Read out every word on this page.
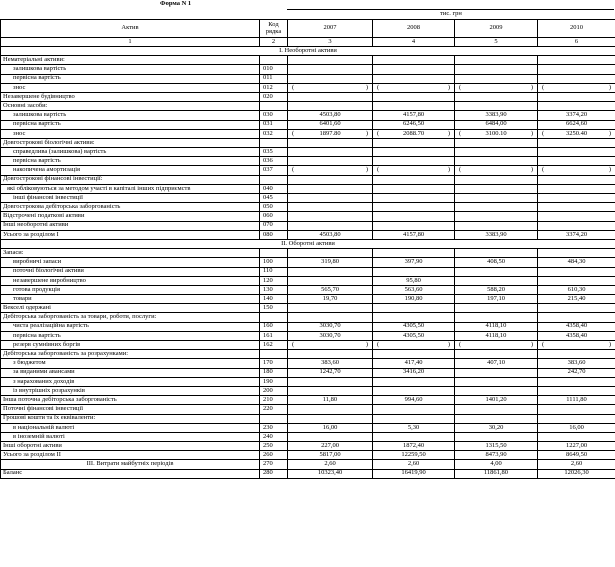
Форма N 1
тис. грн
Актив	Код рядка	2007	2008	2009	2010
1	2	3	4	5	6
I. Необоротні активи					
Нематеріальні активи:					
залишкова вартість	010				
первісна вартість	011				
знос	012	( )	( )	( )	( )

Незавершене будівництво	020				
Основні засоби:					
залишкова вартість	030	4503,80	4157,80	3383,90	3374,20
первісна вартість	031	6401,60	6246,50	6484,00	6624,60
знос	032	( 1897.80 )	( 2088.70 )	( 3100.10 )	( 3250.40 )

Довгострокові біологічні активи:					
справедлива (залишкова) вартість	035				
первісна вартість	036				
накопичена амортизація	037	( )	( )	( )	( )

Довгострокові фінансові інвестиції:					
які обліковуються за методом участі в капіталі інших підприємств	040				
інші фінансові інвестиції	045				
Довгострокова дебіторська заборгованість	050				
Відстрочені податкові активи	060				
Інші необоротні активи	070				
Усього за розділом I	080	4503,80	4157,80	3383,90	3374,20
II. Оборотні активи					
Запаси:					
виробничі запаси	100	319,80	397,90	408,50	484,30
поточні біологічні активи	110				
незавершене виробництво	120		95,80		
готова продукція	130	565,70	563,60	588,20	610,30
товари	140	19,70	190,80	197,10	215,40
Векселі одержані	150				
Дебіторська заборгованість за товари, роботи, послуги:					
чиста реалізаційна вартість	160	3030,70	4305,50	4118,10	4358,40
первісна вартість	161	3030,70	4305,50	4118,10	4358,40
резерв сумнівних боргів	162	( )	( )	( )	( )

Дебіторська заборгованість за розрахунками:					
з бюджетом	170	383,60	417,40	407,10	383,60
за виданими авансами	180	1242,70	3416,20		242,70
з нарахованих доходів	190				
із внутрішніх розрахунків	200				
Інша поточна дебіторська заборгованість	210	11,80	994,60	1401,20	1111,80
Поточні фінансові інвестиції	220				
Грошові кошти та їх еквіваленти:					
в національній валюті	230	16,00	5,30	30,20	16,00
в іноземній валюті	240				
Інші оборотні активи	250	227,00	1872,40	1315,50	1227,00
Усього за розділом II	260	5817,00	12259,50	8473,90	8649,50
III. Витрати майбутніх періодів	270	2,60	2,60	4,00	2,60
Баланс	280	10323,40	16419,90	11861,80	12026,30
